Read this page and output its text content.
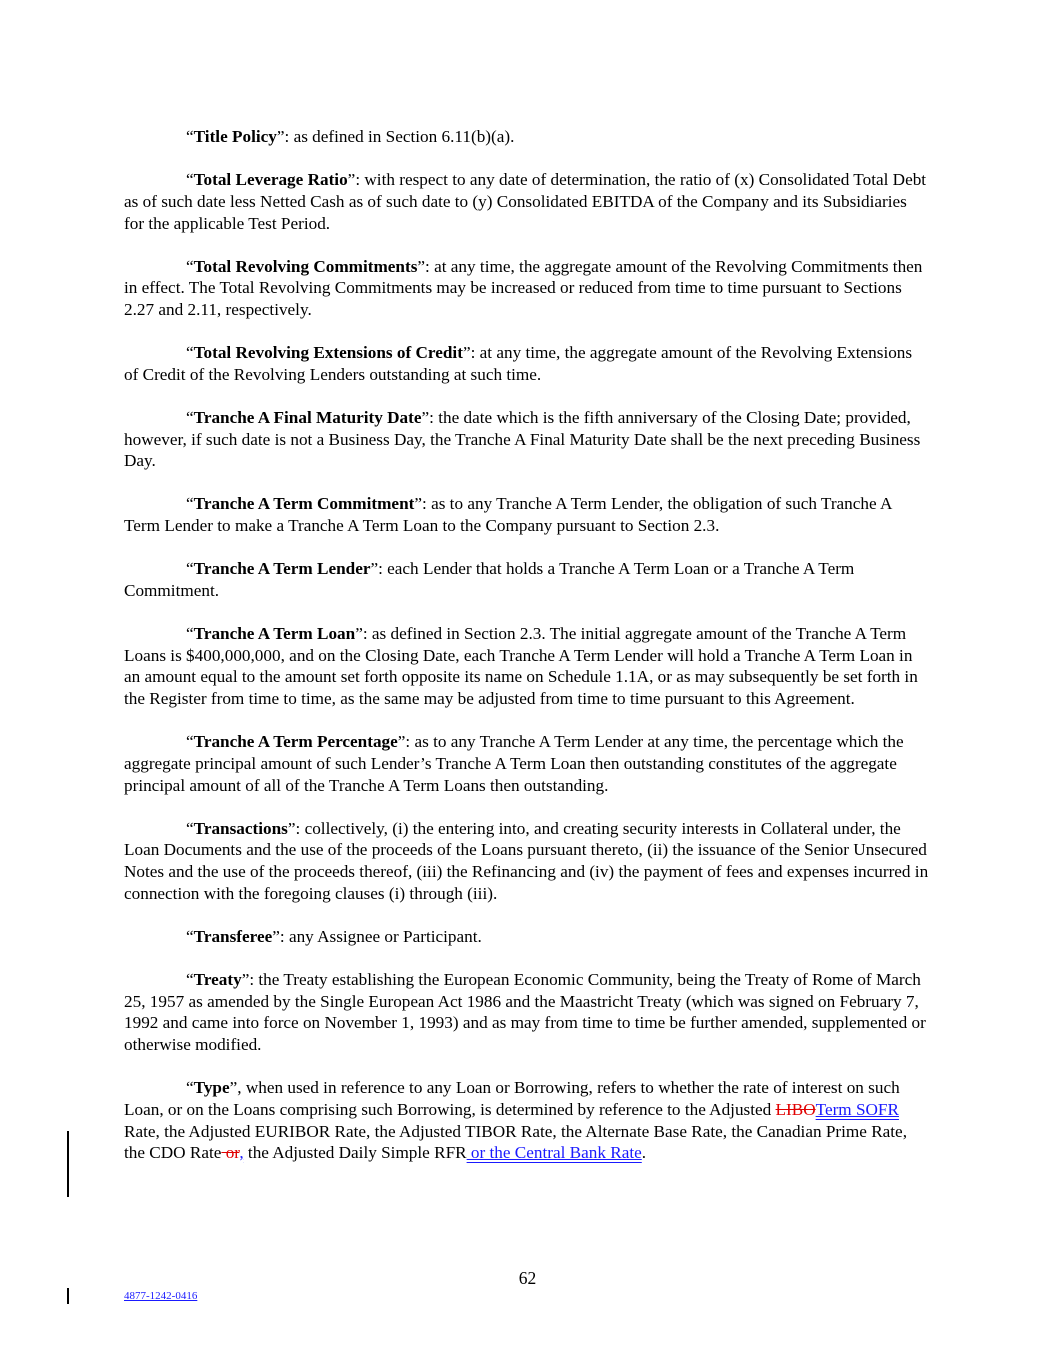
“Title Policy”: as defined in Section 6.11(b)(a).

“Total Leverage Ratio”: with respect to any date of determination, the ratio of (x) Consolidated Total Debt as of such date less Netted Cash as of such date to (y) Consolidated EBITDA of the Company and its Subsidiaries for the applicable Test Period.

“Total Revolving Commitments”: at any time, the aggregate amount of the Revolving Commitments then in effect. The Total Revolving Commitments may be increased or reduced from time to time pursuant to Sections 2.27 and 2.11, respectively.

“Total Revolving Extensions of Credit”: at any time, the aggregate amount of the Revolving Extensions of Credit of the Revolving Lenders outstanding at such time.

“Tranche A Final Maturity Date”: the date which is the fifth anniversary of the Closing Date; provided, however, if such date is not a Business Day, the Tranche A Final Maturity Date shall be the next preceding Business Day.

“Tranche A Term Commitment”: as to any Tranche A Term Lender, the obligation of such Tranche A Term Lender to make a Tranche A Term Loan to the Company pursuant to Section 2.3.

“Tranche A Term Lender”: each Lender that holds a Tranche A Term Loan or a Tranche A Term Commitment.

“Tranche A Term Loan”: as defined in Section 2.3. The initial aggregate amount of the Tranche A Term Loans is $400,000,000, and on the Closing Date, each Tranche A Term Lender will hold a Tranche A Term Loan in an amount equal to the amount set forth opposite its name on Schedule 1.1A, or as may subsequently be set forth in the Register from time to time, as the same may be adjusted from time to time pursuant to this Agreement.

“Tranche A Term Percentage”: as to any Tranche A Term Lender at any time, the percentage which the aggregate principal amount of such Lender’s Tranche A Term Loan then outstanding constitutes of the aggregate principal amount of all of the Tranche A Term Loans then outstanding.

“Transactions”: collectively, (i) the entering into, and creating security interests in Collateral under, the Loan Documents and the use of the proceeds of the Loans pursuant thereto, (ii) the issuance of the Senior Unsecured Notes and the use of the proceeds thereof, (iii) the Refinancing and (iv) the payment of fees and expenses incurred in connection with the foregoing clauses (i) through (iii).

“Transferee”: any Assignee or Participant.

“Treaty”: the Treaty establishing the European Economic Community, being the Treaty of Rome of March 25, 1957 as amended by the Single European Act 1986 and the Maastricht Treaty (which was signed on February 7, 1992 and came into force on November 1, 1993) and as may from time to time be further amended, supplemented or otherwise modified.

“Type”, when used in reference to any Loan or Borrowing, refers to whether the rate of interest on such Loan, or on the Loans comprising such Borrowing, is determined by reference to the Adjusted LIBOTerm SOFR Rate, the Adjusted EURIBOR Rate, the Adjusted TIBOR Rate, the Alternate Base Rate, the Canadian Prime Rate, the CDO Rate or, the Adjusted Daily Simple RFR or the Central Bank Rate.

62
4877-1242-0416
